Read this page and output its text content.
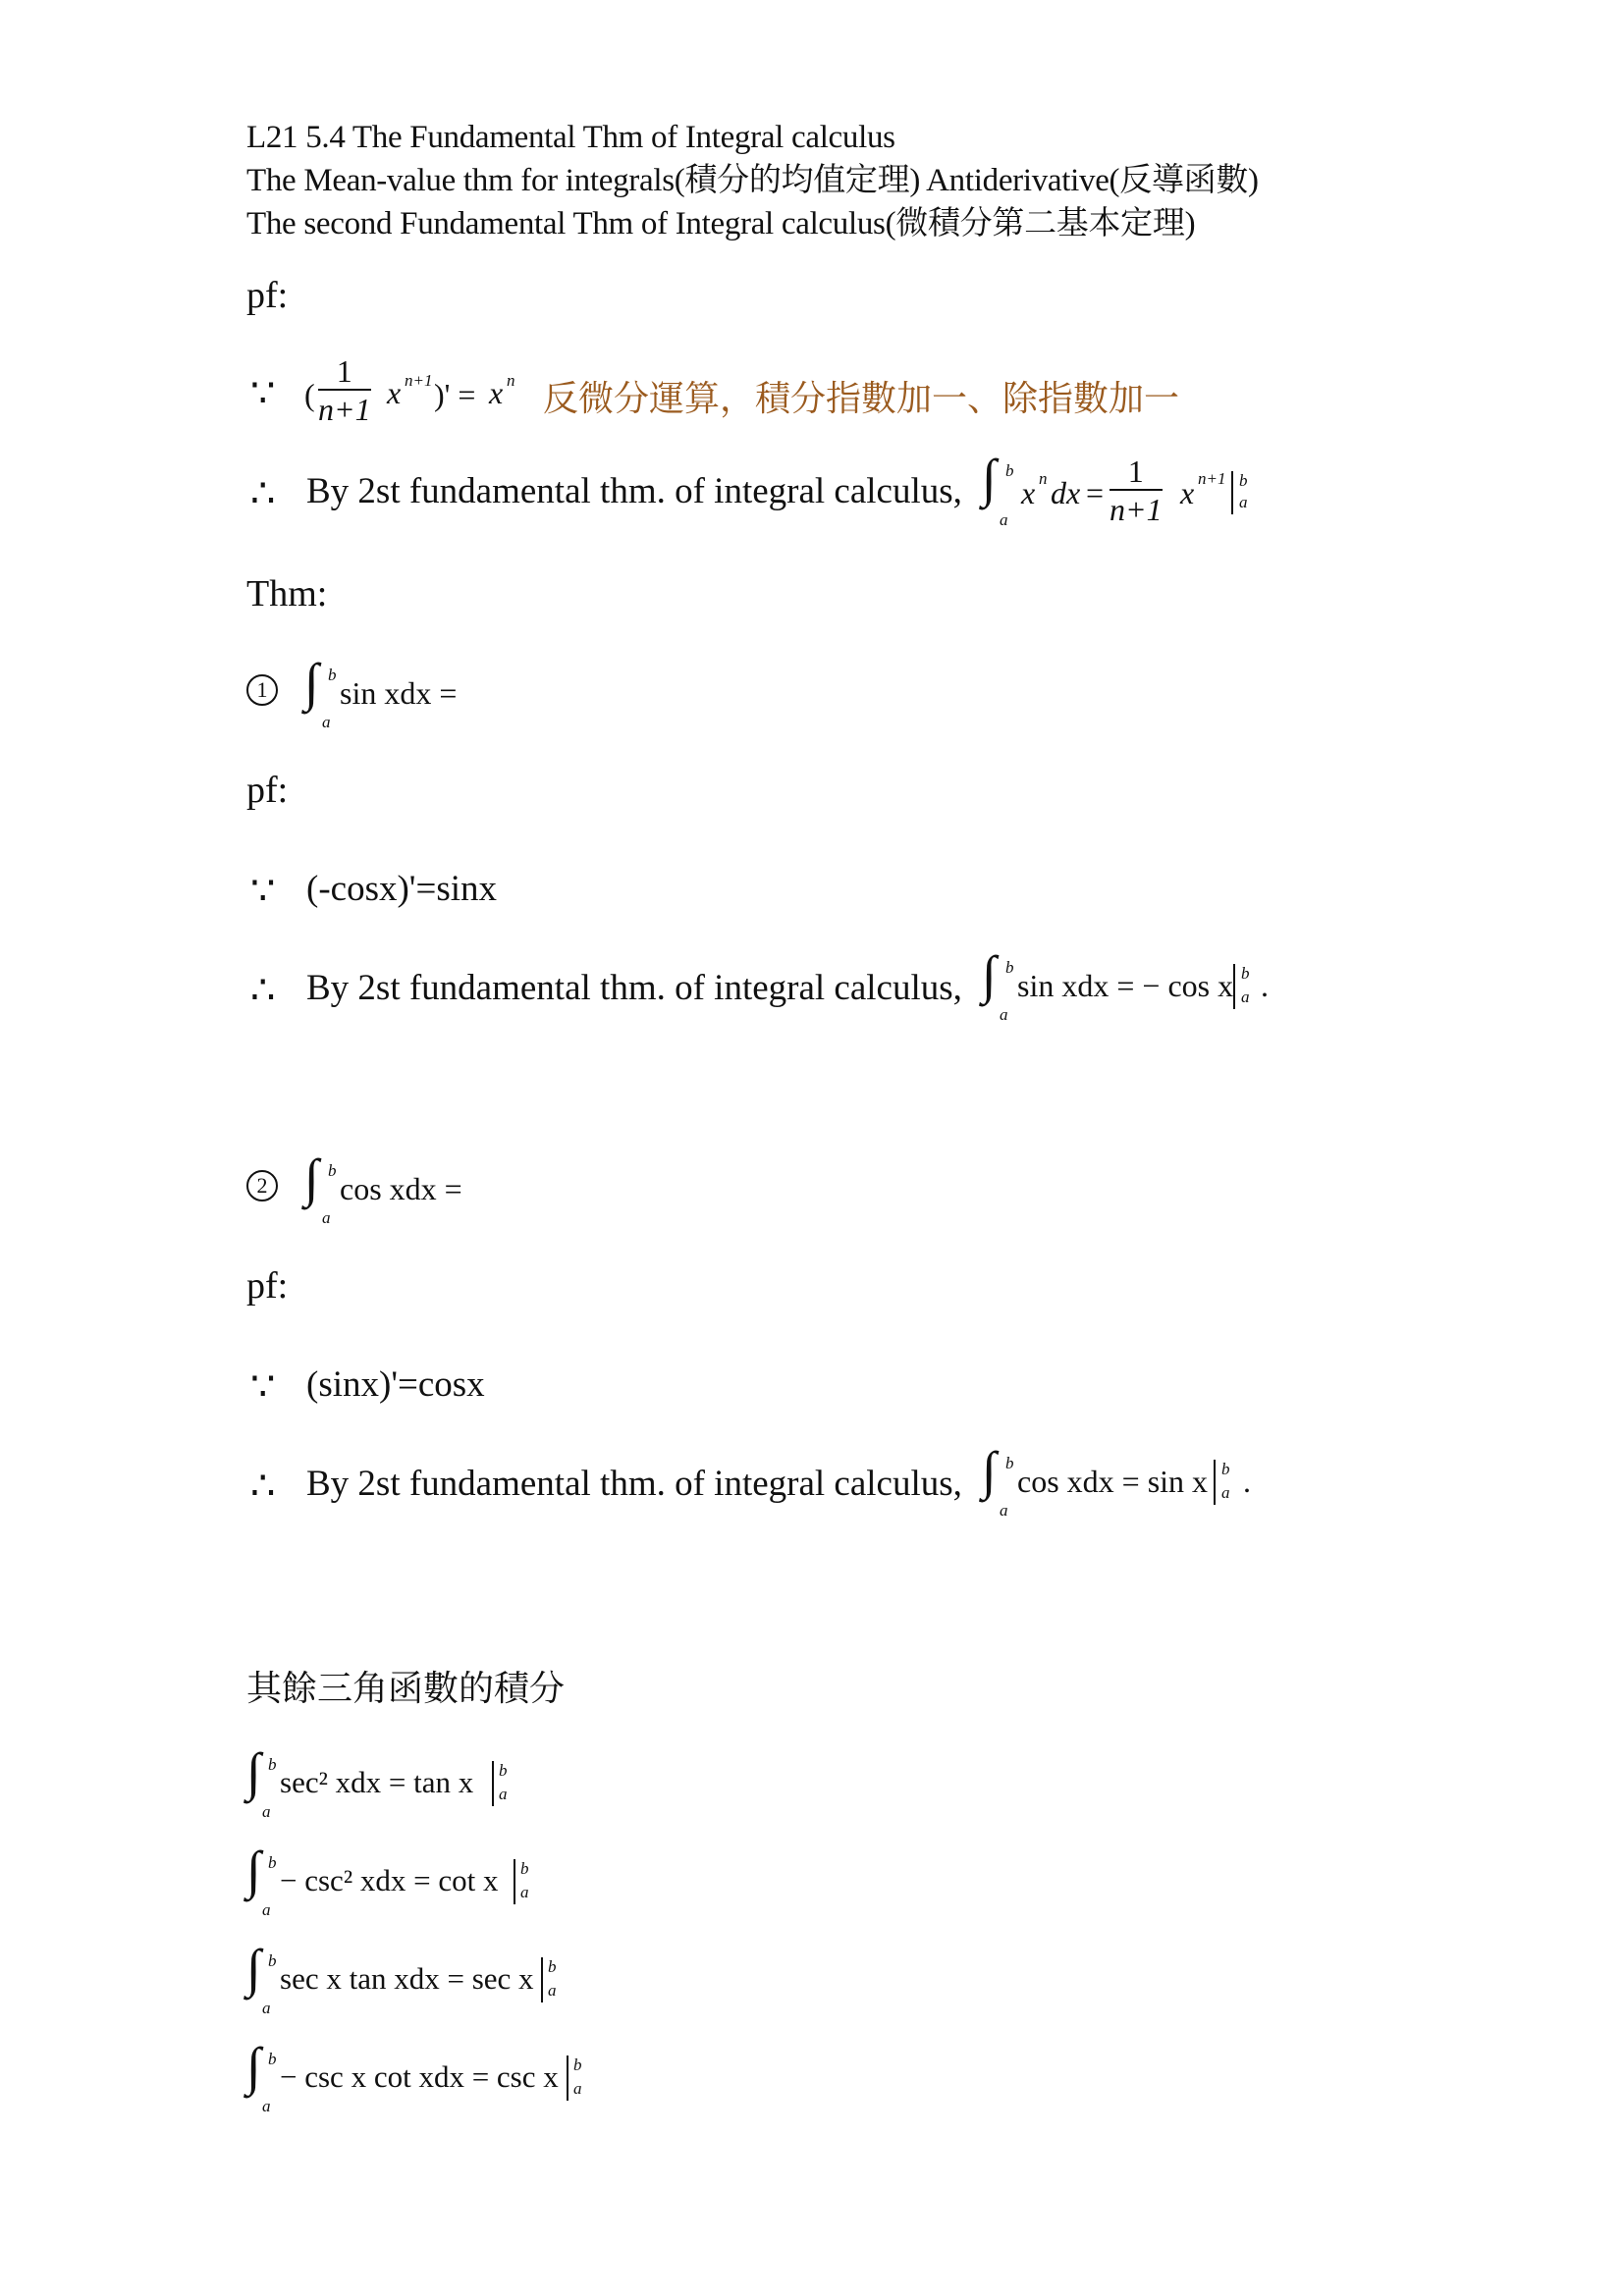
L21 5.4 The Fundamental Thm of Integral calculus
The Mean-value thm for integrals(積分的均值定理) Antiderivative(反導函數)
The second Fundamental Thm of Integral calculus(微積分第二基本定理)
pf:
∵ ( $\frac{1}{n+1}$ x n+1 )' = x n 反微分運算，積分指數加一、除指數加一
∴ By 2st fundamental thm. of integral calculus, ∫ b
a
x n dx = $\frac{1}{n+1}$ x n+1 b
a
Thm:
1 ∫ b
a
sin xdx =
pf:
∵ (-cosx)'=sinx
∴ By 2st fundamental thm. of integral calculus, ∫ b
a
sin xdx = − cos x b
a .
2 ∫ b
a
cos xdx =
pf:
∵ (sinx)'=cosx
∴ By 2st fundamental thm. of integral calculus, ∫ b
a
cos xdx = sin x b
a .
其餘三角函數的積分
∫ b
a
sec² xdx = tan x b
a
∫ b
a
− csc² xdx = cot x b
a
∫ b
a
sec x tan xdx = sec x b
a
∫ b
a
− csc x cot xdx = csc x b
a
